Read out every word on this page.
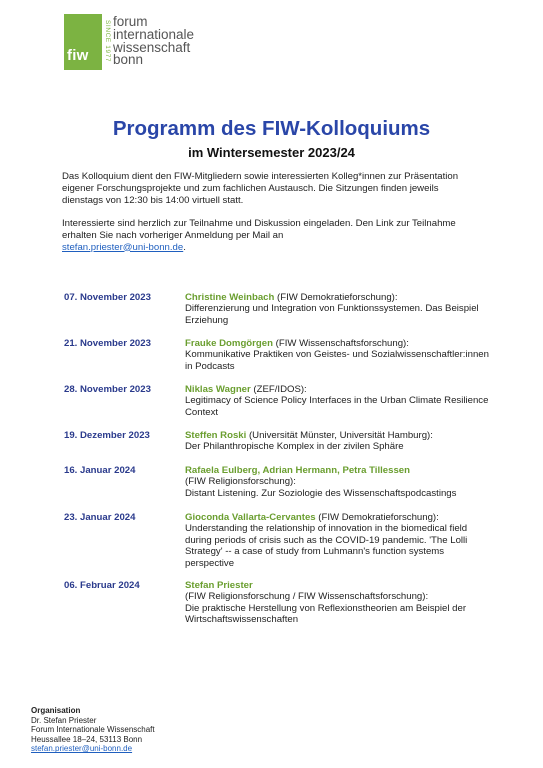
fiw SINCE 1977 forum
internationale
wissenschaft
bonn
Programm des FIW-Kolloquiums
im Wintersemester 2023/24

Das Kolloquium dient den FIW-Mitgliedern sowie interessierten Kolleg*innen zur Präsentation eigener Forschungsprojekte und zum fachlichen Austausch. Die Sitzungen finden jeweils dienstags von 12:30 bis 14:00 virtuell statt.

Interessierte sind herzlich zur Teilnahme und Diskussion eingeladen. Den Link zur Teilnahme erhalten Sie nach vorheriger Anmeldung per Mail an
stefan.priester@uni-bonn.de.

07. November 2023	Christine Weinbach (FIW Demokratieforschung):
Differenzierung und Integration von Funktionssystemen. Das Beispiel Erziehung
21. November 2023	Frauke Domgörgen (FIW Wissenschaftsforschung):
Kommunikative Praktiken von Geistes- und Sozialwissenschaftler:innen in Podcasts
28. November 2023	Niklas Wagner (ZEF/IDOS):
Legitimacy of Science Policy Interfaces in the Urban Climate Resilience Context
19. Dezember 2023	Steffen Roski (Universität Münster, Universität Hamburg):
Der Philanthropische Komplex in der zivilen Sphäre
16. Januar 2024	Rafaela Eulberg, Adrian Hermann, Petra Tillessen
(FIW Religionsforschung):
Distant Listening. Zur Soziologie des Wissenschaftspodcastings
23. Januar 2024	Gioconda Vallarta-Cervantes (FIW Demokratieforschung):
Understanding the relationship of innovation in the biomedical field during periods of crisis such as the COVID-19 pandemic. 'The Lolli Strategy' -- a case of study from Luhmann's function systems perspective
06. Februar 2024	Stefan Priester
(FIW Religionsforschung / FIW Wissenschaftsforschung):
Die praktische Herstellung von Reflexionstheorien am Beispiel der Wirtschaftswissenschaften
Organisation
Dr. Stefan Priester
Forum Internationale Wissenschaft
Heussallee 18–24, 53113 Bonn
stefan.priester@uni-bonn.de
